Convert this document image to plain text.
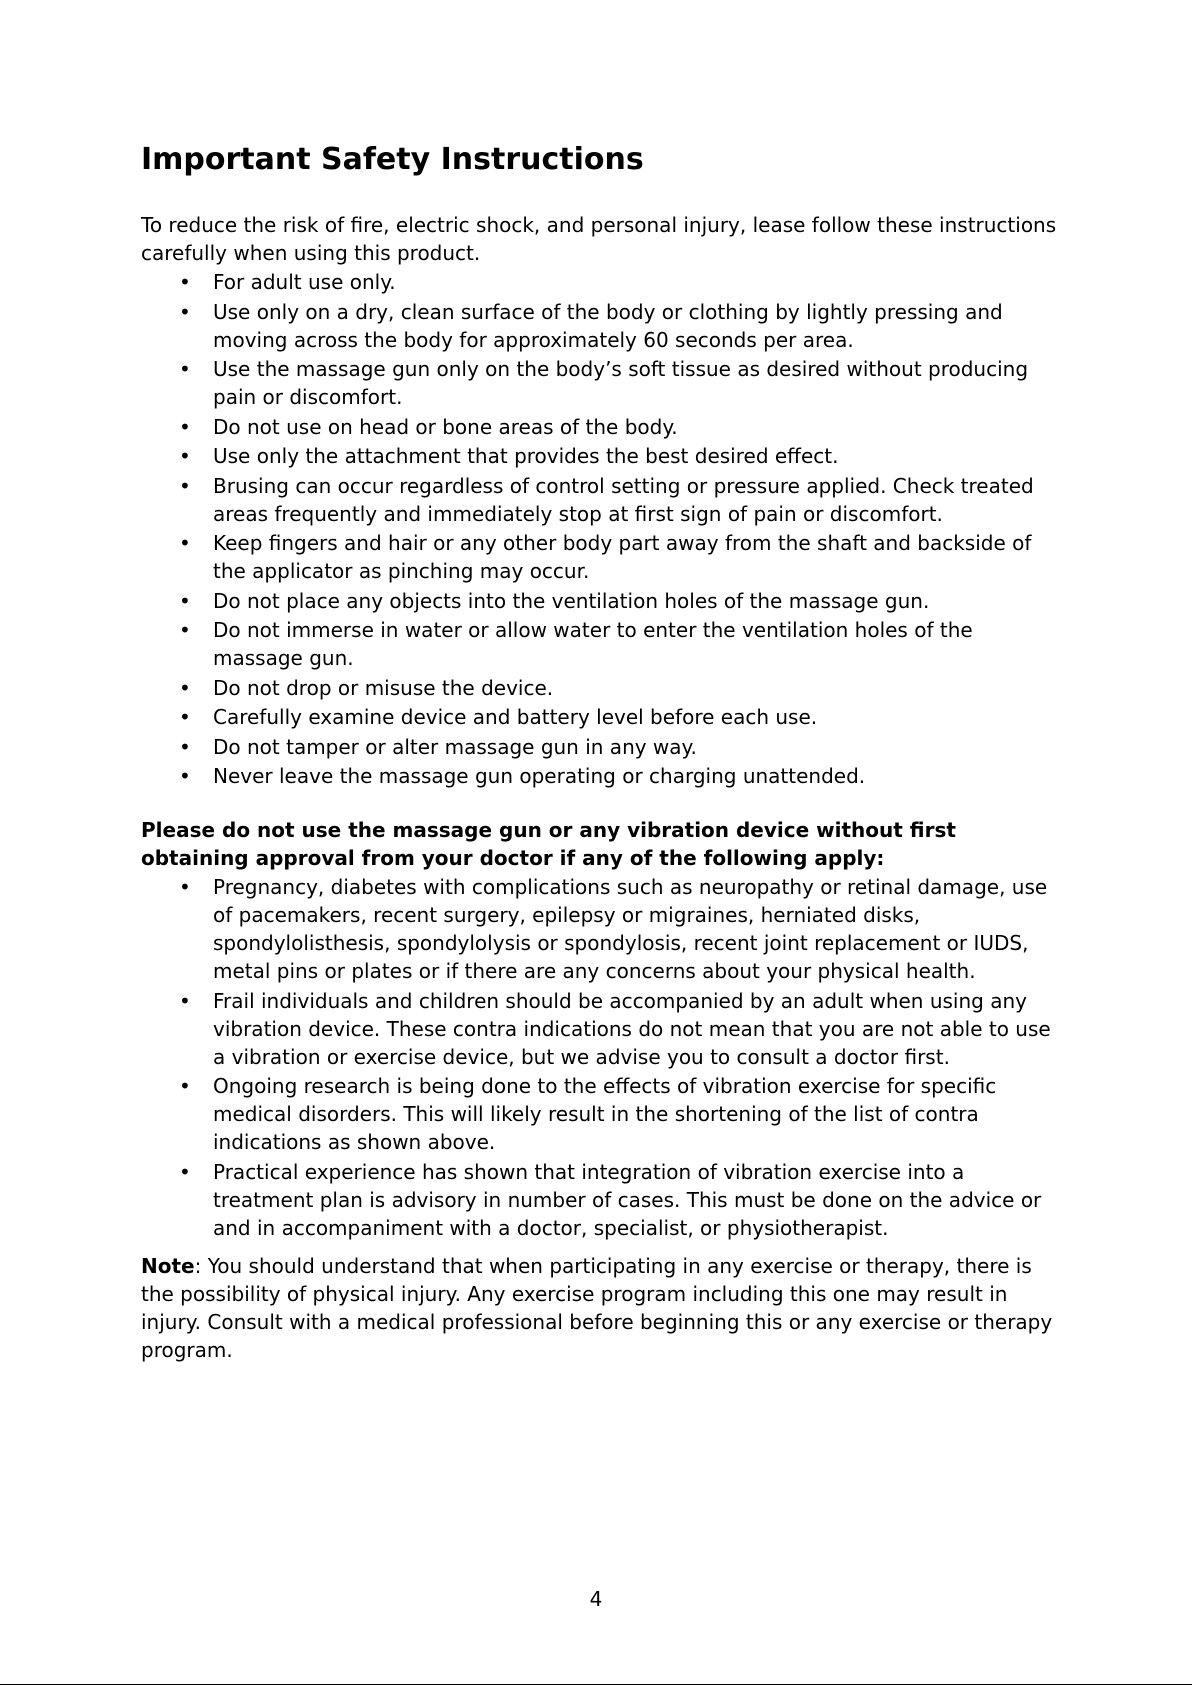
Important Safety Instructions

To reduce the risk of fire, electric shock, and personal injury, lease follow these instructions carefully when using this product.

• For adult use only.
• Use only on a dry, clean surface of the body or clothing by lightly pressing and moving across the body for approximately 60 seconds per area.
• Use the massage gun only on the body’s soft tissue as desired without producing pain or discomfort.
• Do not use on head or bone areas of the body.
• Use only the attachment that provides the best desired effect.
• Brusing can occur regardless of control setting or pressure applied. Check treated areas frequently and immediately stop at first sign of pain or discomfort.
• Keep fingers and hair or any other body part away from the shaft and backside of the applicator as pinching may occur.
• Do not place any objects into the ventilation holes of the massage gun.
• Do not immerse in water or allow water to enter the ventilation holes of the massage gun.
• Do not drop or misuse the device.
• Carefully examine device and battery level before each use.
• Do not tamper or alter massage gun in any way.
• Never leave the massage gun operating or charging unattended.

Please do not use the massage gun or any vibration device without first obtaining approval from your doctor if any of the following apply:

• Pregnancy, diabetes with complications such as neuropathy or retinal damage, use of pacemakers, recent surgery, epilepsy or migraines, herniated disks, spondylolisthesis, spondylolysis or spondylosis, recent joint replacement or IUDS, metal pins or plates or if there are any concerns about your physical health.
• Frail individuals and children should be accompanied by an adult when using any vibration device. These contra indications do not mean that you are not able to use a vibration or exercise device, but we advise you to consult a doctor first.
• Ongoing research is being done to the effects of vibration exercise for specific medical disorders. This will likely result in the shortening of the list of contra indications as shown above.
• Practical experience has shown that integration of vibration exercise into a treatment plan is advisory in number of cases. This must be done on the advice or and in accompaniment with a doctor, specialist, or physiotherapist.

Note: You should understand that when participating in any exercise or therapy, there is the possibility of physical injury. Any exercise program including this one may result in injury. Consult with a medical professional before beginning this or any exercise or therapy program.

4
